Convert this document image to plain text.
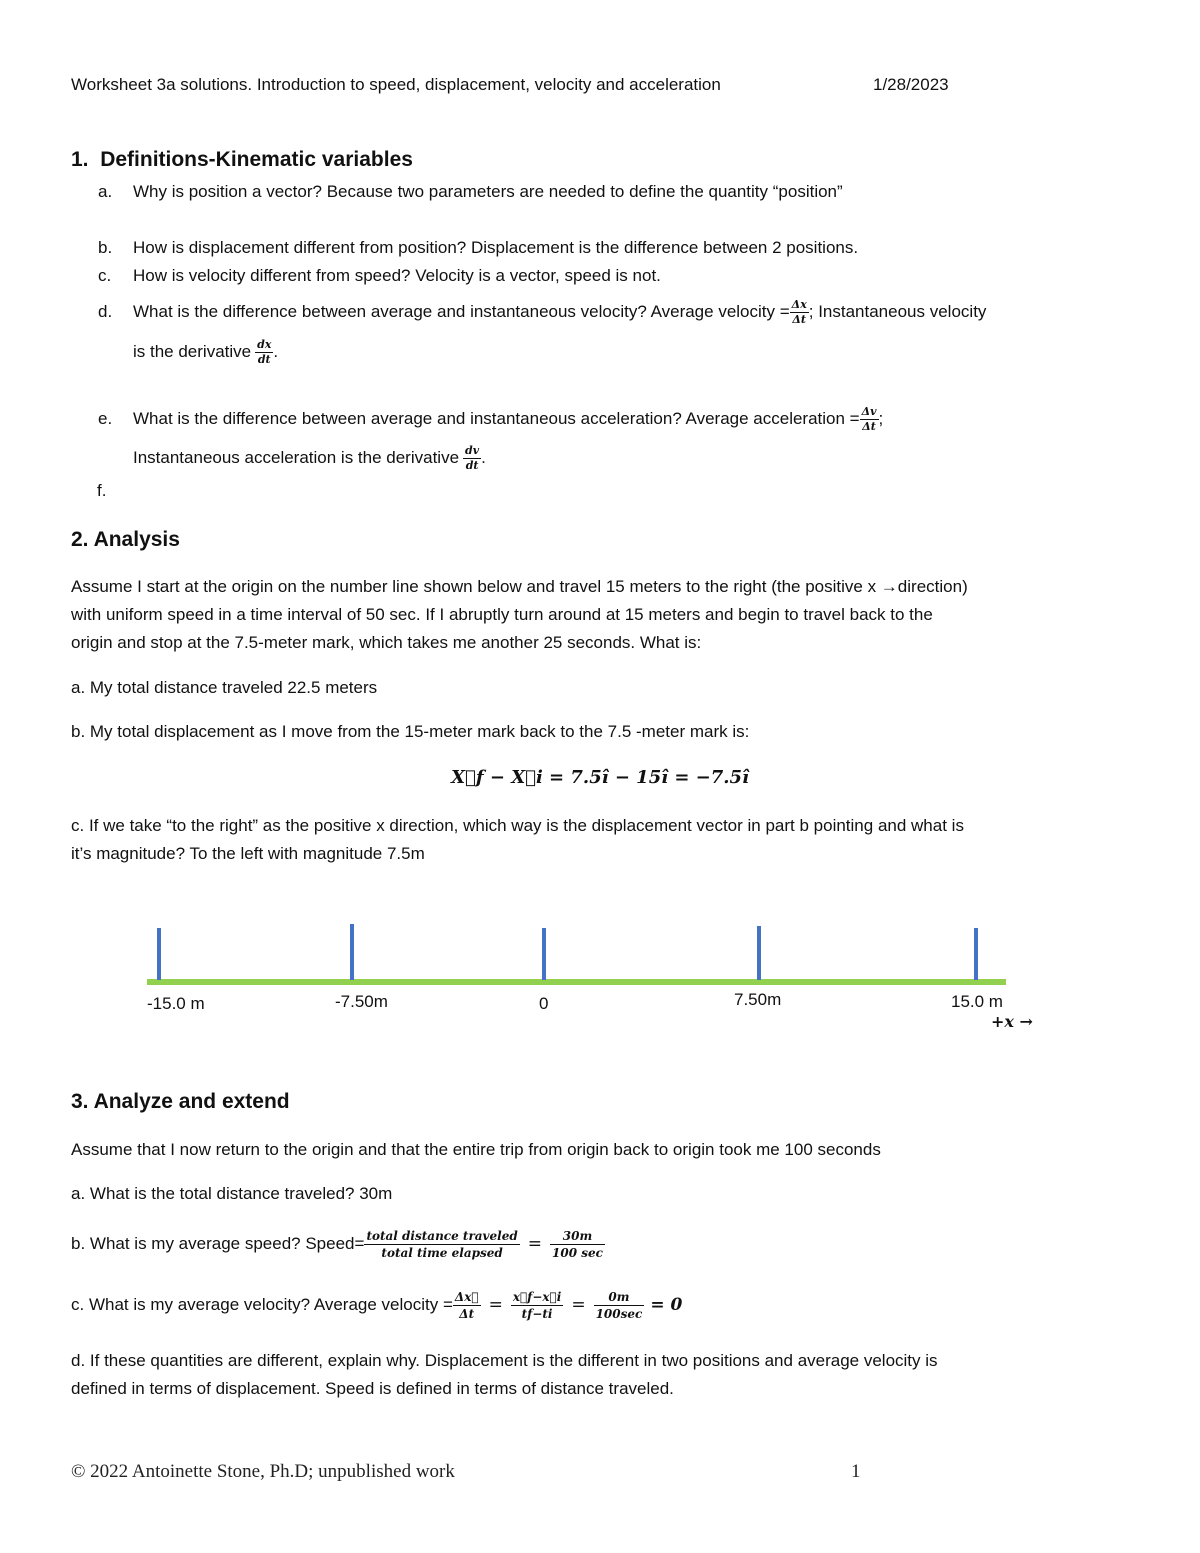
Worksheet 3a solutions. Introduction to speed, displacement, velocity and acceleration	1/28/2023
1. Definitions-Kinematic variables
a. Why is position a vector? Because two parameters are needed to define the quantity “position”
b. How is displacement different from position? Displacement is the difference between 2 positions.
c. How is velocity different from speed? Velocity is a vector, speed is not.
d. What is the difference between average and instantaneous velocity? Average velocity = $\frac{\Delta x}{\Delta t}$ ; Instantaneous velocity
is the derivative $\frac{dx}{dt}$ .
e. What is the difference between average and instantaneous acceleration? Average acceleration = $\frac{\Delta v}{\Delta t}$ ;
Instantaneous acceleration is the derivative $\frac{dv}{dt}$ .
f.
2. Analysis
Assume I start at the origin on the number line shown below and travel 15 meters to the right (the positive x →direction)
with uniform speed in a time interval of 50 sec. If I abruptly turn around at 15 meters and begin to travel back to the
origin and stop at the 7.5-meter mark, which takes me another 25 seconds. What is:
a. My total distance traveled 22.5 meters
b. My total displacement as I move from the 15-meter mark back to the 7.5 -meter mark is:
X⃗f − X⃗i = 7.5î − 15î = −7.5î
c. If we take “to the right” as the positive x direction, which way is the displacement vector in part b pointing and what is
it’s magnitude? To the left with magnitude 7.5m
-15.0 m	-7.50m	0	7.50m	15.0 m
+x →
3. Analyze and extend
Assume that I now return to the origin and that the entire trip from origin back to origin took me 100 seconds
a. What is the total distance traveled? 30m
b. What is my average speed? Speed= $\frac{\text{total distance traveled}}{\text{total time elapsed}} = \frac{30m}{100 \sec}$
c. What is my average velocity? Average velocity = $\frac{\Delta x⃗}{\Delta t} = \frac{x⃗f-x⃗i}{tf-ti} = \frac{0m}{100\sec} = 0$
d. If these quantities are different, explain why. Displacement is the different in two positions and average velocity is
defined in terms of displacement. Speed is defined in terms of distance traveled.
© 2022 Antoinette Stone, Ph.D; unpublished work	1
